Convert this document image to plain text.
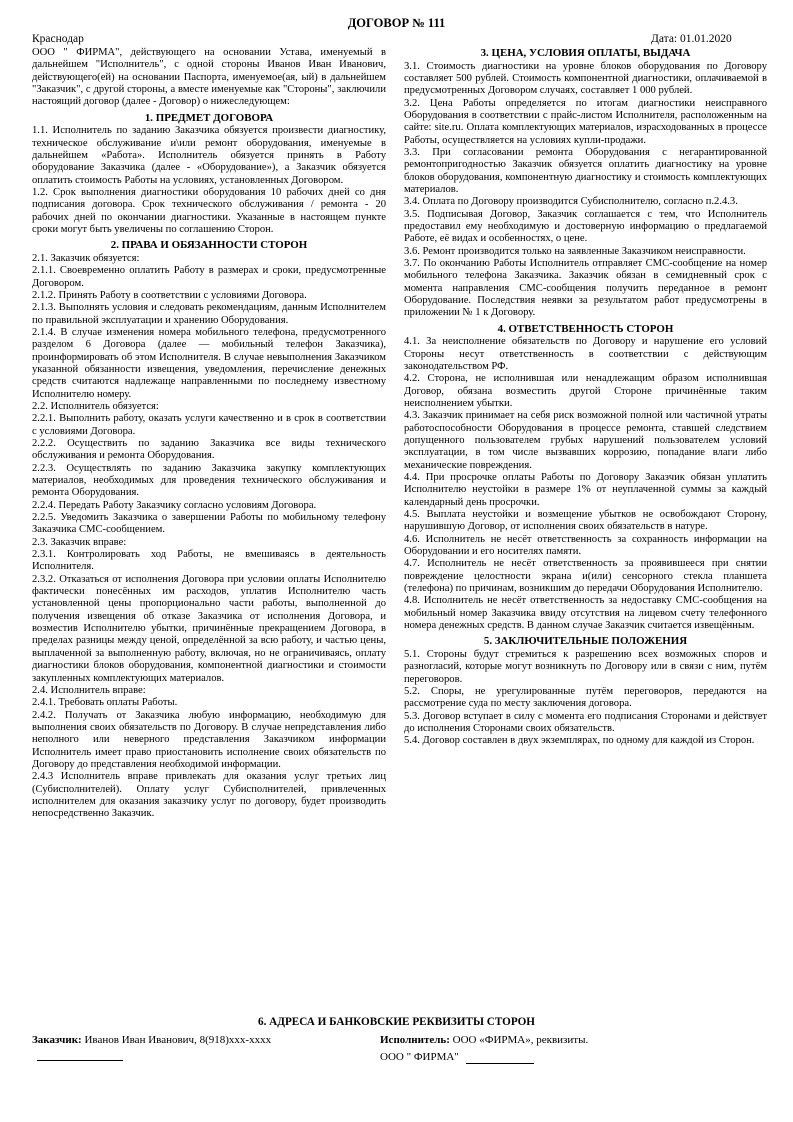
ДОГОВОР № 111
Краснодар	Дата: 01.01.2020

ООО " ФИРМА", действующего на основании Устава, именуемый в дальнейшем "Исполнитель", с одной стороны Иванов Иван Иванович, действующего(ей) на основании Паспорта, именуемое(ая, ый) в дальнейшем "Заказчик", с другой стороны, а вместе именуемые как "Стороны", заключили настоящий договор (далее - Договор) о нижеследующем:

1. ПРЕДМЕТ ДОГОВОРА

1.1. Исполнитель по заданию Заказчика обязуется произвести диагностику, техническое обслуживание и\или ремонт оборудования, именуемые в дальнейшем «Работа». Исполнитель обязуется принять в Работу оборудование Заказчика (далее - «Оборудование»), а Заказчик обязуется оплатить стоимость Работы на условиях, установленных Договором.

1.2. Срок выполнения диагностики оборудования 10 рабочих дней со дня подписания договора. Срок технического обслуживания / ремонта - 20 рабочих дней по окончании диагностики. Указанные в настоящем пункте сроки могут быть увеличены по соглашению Сторон.

2. ПРАВА И ОБЯЗАННОСТИ СТОРОН

2.1. Заказчик обязуется:

2.1.1. Своевременно оплатить Работу в размерах и сроки, предусмотренные Договором.

2.1.2. Принять Работу в соответствии с условиями Договора.

2.1.3. Выполнять условия и следовать рекомендациям, данным Исполнителем по правильной эксплуатации и хранению Оборудования.

2.1.4. В случае изменения номера мобильного телефона, предусмотренного разделом 6 Договора (далее — мобильный телефон Заказчика), проинформировать об этом Исполнителя. В случае невыполнения Заказчиком указанной обязанности извещения, уведомления, перечисление денежных средств считаются надлежаще направленными по последнему известному Исполнителю номеру.

2.2. Исполнитель обязуется:

2.2.1. Выполнить работу, оказать услуги качественно и в срок в соответствии с условиями Договора.

2.2.2. Осуществить по заданию Заказчика все виды технического обслуживания и ремонта Оборудования.

2.2.3. Осуществлять по заданию Заказчика закупку комплектующих материалов, необходимых для проведения технического обслуживания и ремонта Оборудования.

2.2.4. Передать Работу Заказчику согласно условиям Договора.

2.2.5. Уведомить Заказчика о завершении Работы по мобильному телефону Заказчика СМС-сообщением.

2.3. Заказчик вправе:

2.3.1. Контролировать ход Работы, не вмешиваясь в деятельность Исполнителя.

2.3.2. Отказаться от исполнения Договора при условии оплаты Исполнителю фактически понесённых им расходов, уплатив Исполнителю часть установленной цены пропорционально части работы, выполненной до получения извещения об отказе Заказчика от исполнения Договора, и возместив Исполнителю убытки, причинённые прекращением Договора, в пределах разницы между ценой, определённой за всю работу, и частью цены, выплаченной за выполненную работу, включая, но не ограничиваясь, оплату диагностики блоков оборудования, компонентной диагностики и стоимости закупленных комплектующих материалов.

2.4. Исполнитель вправе:

2.4.1. Требовать оплаты Работы.

2.4.2. Получать от Заказчика любую информацию, необходимую для выполнения своих обязательств по Договору. В случае непредставления либо неполного или неверного представления Заказчиком информации Исполнитель имеет право приостановить исполнение своих обязательств по Договору до представления необходимой информации.

2.4.3 Исполнитель вправе привлекать для оказания услуг третьих лиц (Субисполнителей). Оплату услуг Субисполнителей, привлеченных исполнителем для оказания заказчику услуг по договору, будет производить непосредственно Заказчик.

3. ЦЕНА, УСЛОВИЯ ОПЛАТЫ, ВЫДАЧА

3.1. Стоимость диагностики на уровне блоков оборудования по Договору составляет 500 рублей. Стоимость компонентной диагностики, оплачиваемой в предусмотренных Договором случаях, составляет 1 000 рублей.

3.2. Цена Работы определяется по итогам диагностики неисправного Оборудования в соответствии с прайс-листом Исполнителя, расположенным на сайте: site.ru. Оплата комплектующих материалов, израсходованных в процессе Работы, осуществляется на условиях купли-продажи.

3.3. При согласовании ремонта Оборудования с негарантированной ремонтопригодностью Заказчик обязуется оплатить диагностику на уровне блоков оборудования, компонентную диагностику и стоимость комплектующих материалов.

3.4. Оплата по Договору производится Субисполнителю, согласно п.2.4.3.

3.5. Подписывая Договор, Заказчик соглашается с тем, что Исполнитель предоставил ему необходимую и достоверную информацию о предлагаемой Работе, её видах и особенностях, о цене.

3.6. Ремонт производится только на заявленные Заказчиком неисправности.

3.7. По окончанию Работы Исполнитель отправляет СМС-сообщение на номер мобильного телефона Заказчика. Заказчик обязан в семидневный срок с момента направления СМС-сообщения получить переданное в ремонт Оборудование. Последствия неявки за результатом работ предусмотрены в приложении № 1 к Договору.

4. ОТВЕТСТВЕННОСТЬ СТОРОН

4.1. За неисполнение обязательств по Договору и нарушение его условий Стороны несут ответственность в соответствии с действующим законодательством РФ.

4.2. Сторона, не исполнившая или ненадлежащим образом исполнившая Договор, обязана возместить другой Стороне причинённые таким неисполнением убытки.

4.3. Заказчик принимает на себя риск возможной полной или частичной утраты работоспособности Оборудования в процессе ремонта, ставшей следствием допущенного пользователем грубых нарушений пользователем условий эксплуатации, в том числе вызвавших коррозию, попадание влаги либо механические повреждения.

4.4. При просрочке оплаты Работы по Договору Заказчик обязан уплатить Исполнителю неустойки в размере 1% от неуплаченной суммы за каждый календарный день просрочки.

4.5. Выплата неустойки и возмещение убытков не освобождают Сторону, нарушившую Договор, от исполнения своих обязательств в натуре.

4.6. Исполнитель не несёт ответственность за сохранность информации на Оборудовании и его носителях памяти.

4.7. Исполнитель не несёт ответственность за проявившееся при снятии повреждение целостности экрана и(или) сенсорного стекла планшета (телефона) по причинам, возникшим до передачи Оборудования Исполнителю.

4.8. Исполнитель не несёт ответственность за недоставку СМС-сообщения на мобильный номер Заказчика ввиду отсутствия на лицевом счету телефонного номера денежных средств. В данном случае Заказчик считается извещённым.

5. ЗАКЛЮЧИТЕЛЬНЫЕ ПОЛОЖЕНИЯ

5.1. Стороны будут стремиться к разрешению всех возможных споров и разногласий, которые могут возникнуть по Договору или в связи с ним, путём переговоров.

5.2. Споры, не урегулированные путём переговоров, передаются на рассмотрение суда по месту заключения договора.

5.3. Договор вступает в силу с момента его подписания Сторонами и действует до исполнения Сторонами своих обязательств.

5.4. Договор составлен в двух экземплярах, по одному для каждой из Сторон.

6. АДРЕСА И БАНКОВСКИЕ РЕКВИЗИТЫ СТОРОН
Заказчик: Иванов Иван Иванович, 8(918)xxx-xxxx	Исполнитель: ООО «ФИРМА», реквизиты.
ООО " ФИРМА"
